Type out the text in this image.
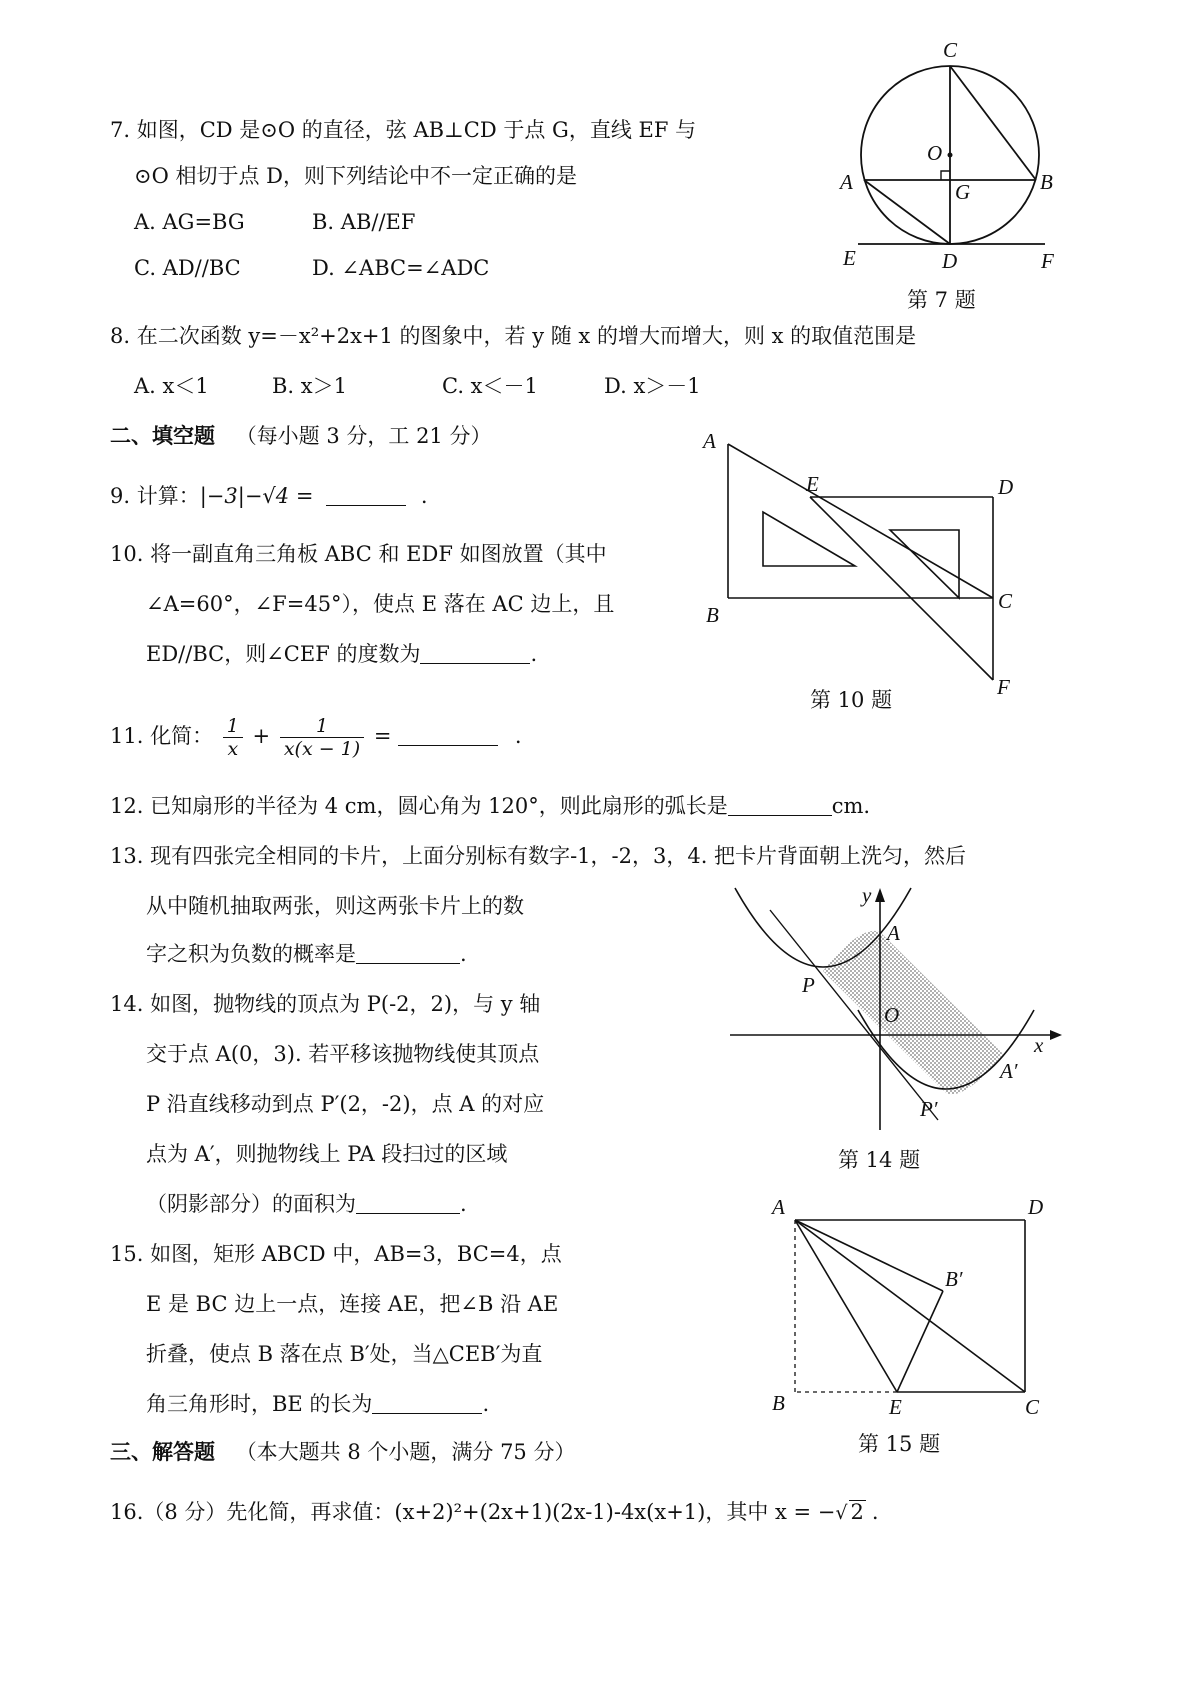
7. 如图，CD 是⊙O 的直径，弦 AB⊥CD 于点 G，直线 EF 与
⊙O 相切于点 D，则下列结论中不一定正确的是
A. AG=BG	B. AB//EF
C. AD//BC	D. ∠ABC=∠ADC
C
O
A	B
G
E	D	F
第 7 题
8. 在二次函数 y=－x²+2x+1 的图象中，若 y 随 x 的增大而增大，则 x 的取值范围是
A. x＜1	B. x＞1	C. x＜－1	D. x＞－1
二、填空题 （每小题 3 分，工 21 分）
9. 计算：|−3|−√4 =	.
10. 将一副直角三角板 ABC 和 EDF 如图放置（其中
∠A=60°，∠F=45°），使点 E 落在 AC 边上，且
ED//BC，则∠CEF 的度数为	.
A
E	D
B
C
F
第 10 题
11. 化简： $\frac{1}{x} + \frac{1}{x(x - 1)}$ =	.
12. 已知扇形的半径为 4 cm，圆心角为 120°，则此扇形的弧长是	cm.
13. 现有四张完全相同的卡片，上面分别标有数字-1，-2，3，4. 把卡片背面朝上洗匀，然后
从中随机抽取两张，则这两张卡片上的数
字之积为负数的概率是	.
14. 如图，抛物线的顶点为 P(-2，2)，与 y 轴
交于点 A(0，3). 若平移该抛物线使其顶点
P 沿直线移动到点 P′(2，-2)，点 A 的对应
点为 A′，则抛物线上 PA 段扫过的区域
（阴影部分）的面积为	.
y
A
P
O
x
A′
P′
第 14 题
15. 如图，矩形 ABCD 中，AB=3，BC=4，点
E 是 BC 边上一点，连接 AE，把∠B 沿 AE
折叠，使点 B 落在点 B′处，当△CEB′为直
角三角形时，BE 的长为	.
A	D
B′
B	E	C
第 15 题
三、解答题 （本大题共 8 个小题，满分 75 分）
16.（8 分）先化简，再求值：(x+2)²+(2x+1)(2x-1)-4x(x+1)，其中 x = −√ 2 .
